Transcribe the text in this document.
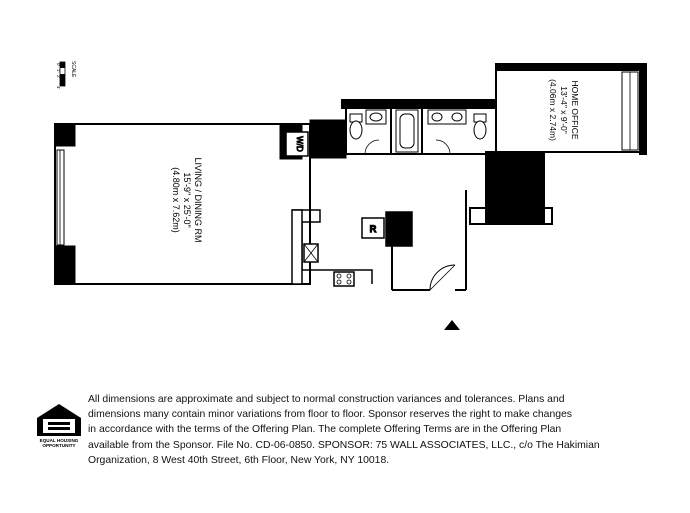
W/D
R
LIVING / DINING RM
15'-9" x 25'-0"
(4.80m x 7.62m)
HOME OFFICE
13'-4" x 9'-0"
(4.06m x 2.74m)
SCALE
0'
1'
2'
4'
EQUAL HOUSING
OPPORTUNITY
All dimensions are approximate and subject to normal construction variances and tolerances. Plans and
dimensions many contain minor variations from floor to floor. Sponsor reserves the right to make changes
in accordance with the terms of the Offering Plan. The complete Offering Terms are in the Offering Plan
available from the Sponsor. File No. CD-06-0850. SPONSOR: 75 WALL ASSOCIATES, LLC., c/o The Hakimian
Organization, 8 West 40th Street, 6th Floor, New York, NY 10018.
